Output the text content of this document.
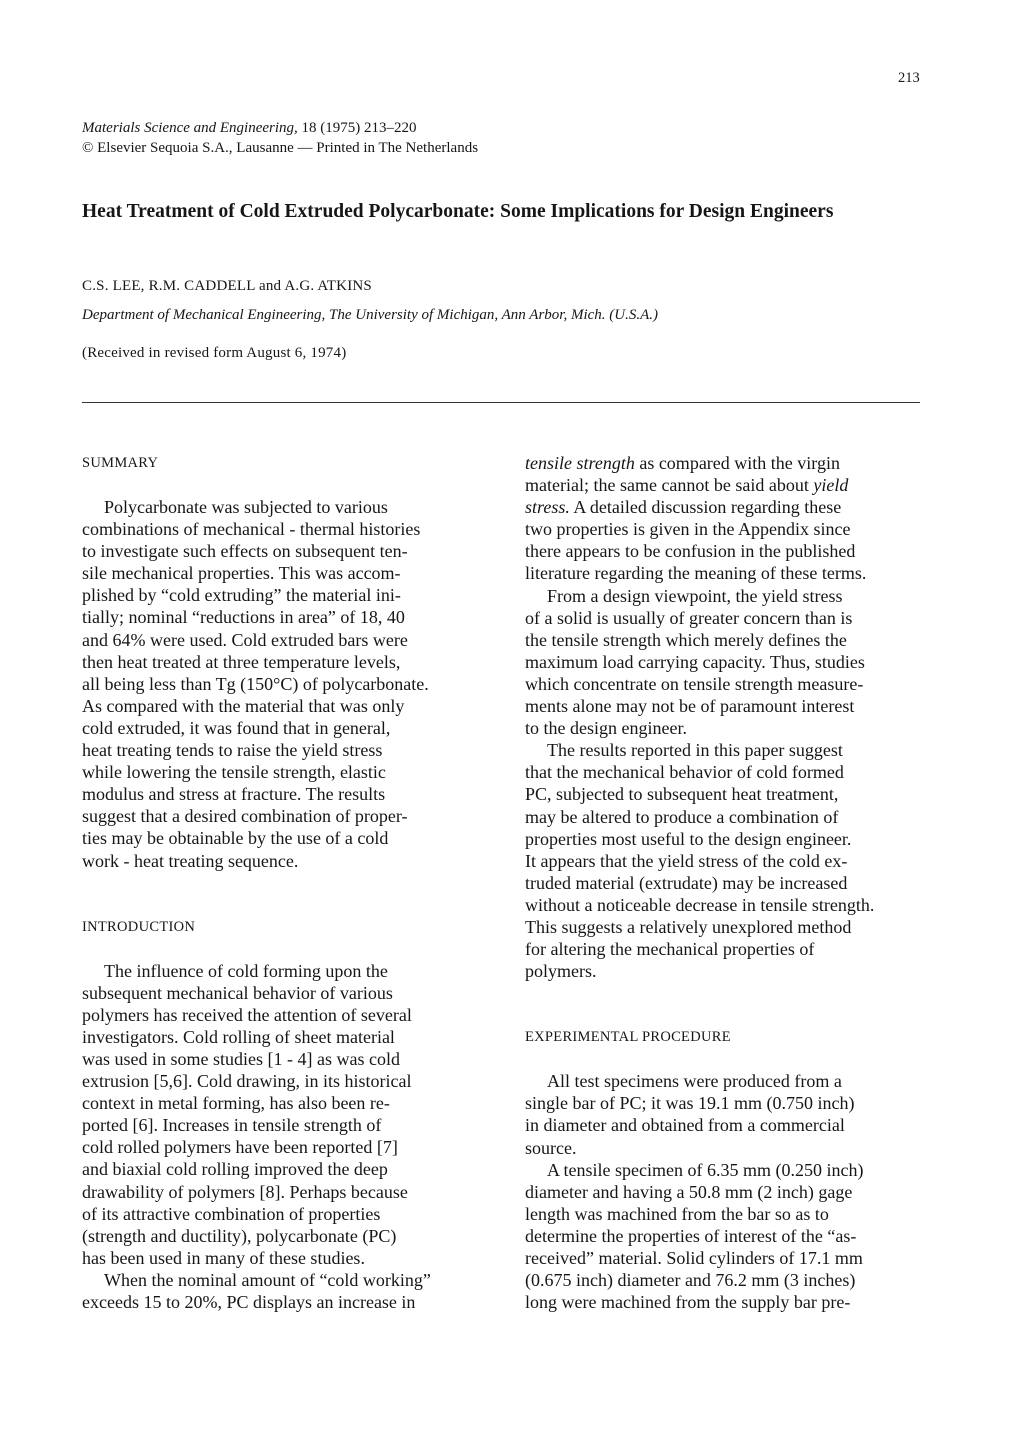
213
Materials Science and Engineering, 18 (1975) 213–220
© Elsevier Sequoia S.A., Lausanne — Printed in The Netherlands
Heat Treatment of Cold Extruded Polycarbonate: Some Implications for Design Engineers
C.S. LEE, R.M. CADDELL and A.G. ATKINS
Department of Mechanical Engineering, The University of Michigan, Ann Arbor, Mich. (U.S.A.)
(Received in revised form August 6, 1974)
SUMMARY
Polycarbonate was subjected to various
combinations of mechanical - thermal histories
to investigate such effects on subsequent ten-
sile mechanical properties. This was accom-
plished by “cold extruding” the material ini-
tially; nominal “reductions in area” of 18, 40
and 64% were used. Cold extruded bars were
then heat treated at three temperature levels,
all being less than Tg (150°C) of polycarbonate.
As compared with the material that was only
cold extruded, it was found that in general,
heat treating tends to raise the yield stress
while lowering the tensile strength, elastic
modulus and stress at fracture. The results
suggest that a desired combination of proper-
ties may be obtainable by the use of a cold
work - heat treating sequence.
INTRODUCTION
The influence of cold forming upon the
subsequent mechanical behavior of various
polymers has received the attention of several
investigators. Cold rolling of sheet material
was used in some studies [1 - 4] as was cold
extrusion [5,6]. Cold drawing, in its historical
context in metal forming, has also been re-
ported [6]. Increases in tensile strength of
cold rolled polymers have been reported [7]
and biaxial cold rolling improved the deep
drawability of polymers [8]. Perhaps because
of its attractive combination of properties
(strength and ductility), polycarbonate (PC)
has been used in many of these studies.
When the nominal amount of “cold working”
exceeds 15 to 20%, PC displays an increase in
tensile strength as compared with the virgin
material; the same cannot be said about yield
stress. A detailed discussion regarding these
two properties is given in the Appendix since
there appears to be confusion in the published
literature regarding the meaning of these terms.
From a design viewpoint, the yield stress
of a solid is usually of greater concern than is
the tensile strength which merely defines the
maximum load carrying capacity. Thus, studies
which concentrate on tensile strength measure-
ments alone may not be of paramount interest
to the design engineer.
The results reported in this paper suggest
that the mechanical behavior of cold formed
PC, subjected to subsequent heat treatment,
may be altered to produce a combination of
properties most useful to the design engineer.
It appears that the yield stress of the cold ex-
truded material (extrudate) may be increased
without a noticeable decrease in tensile strength.
This suggests a relatively unexplored method
for altering the mechanical properties of
polymers.
EXPERIMENTAL PROCEDURE
All test specimens were produced from a
single bar of PC; it was 19.1 mm (0.750 inch)
in diameter and obtained from a commercial
source.
A tensile specimen of 6.35 mm (0.250 inch)
diameter and having a 50.8 mm (2 inch) gage
length was machined from the bar so as to
determine the properties of interest of the “as-
received” material. Solid cylinders of 17.1 mm
(0.675 inch) diameter and 76.2 mm (3 inches)
long were machined from the supply bar pre-
